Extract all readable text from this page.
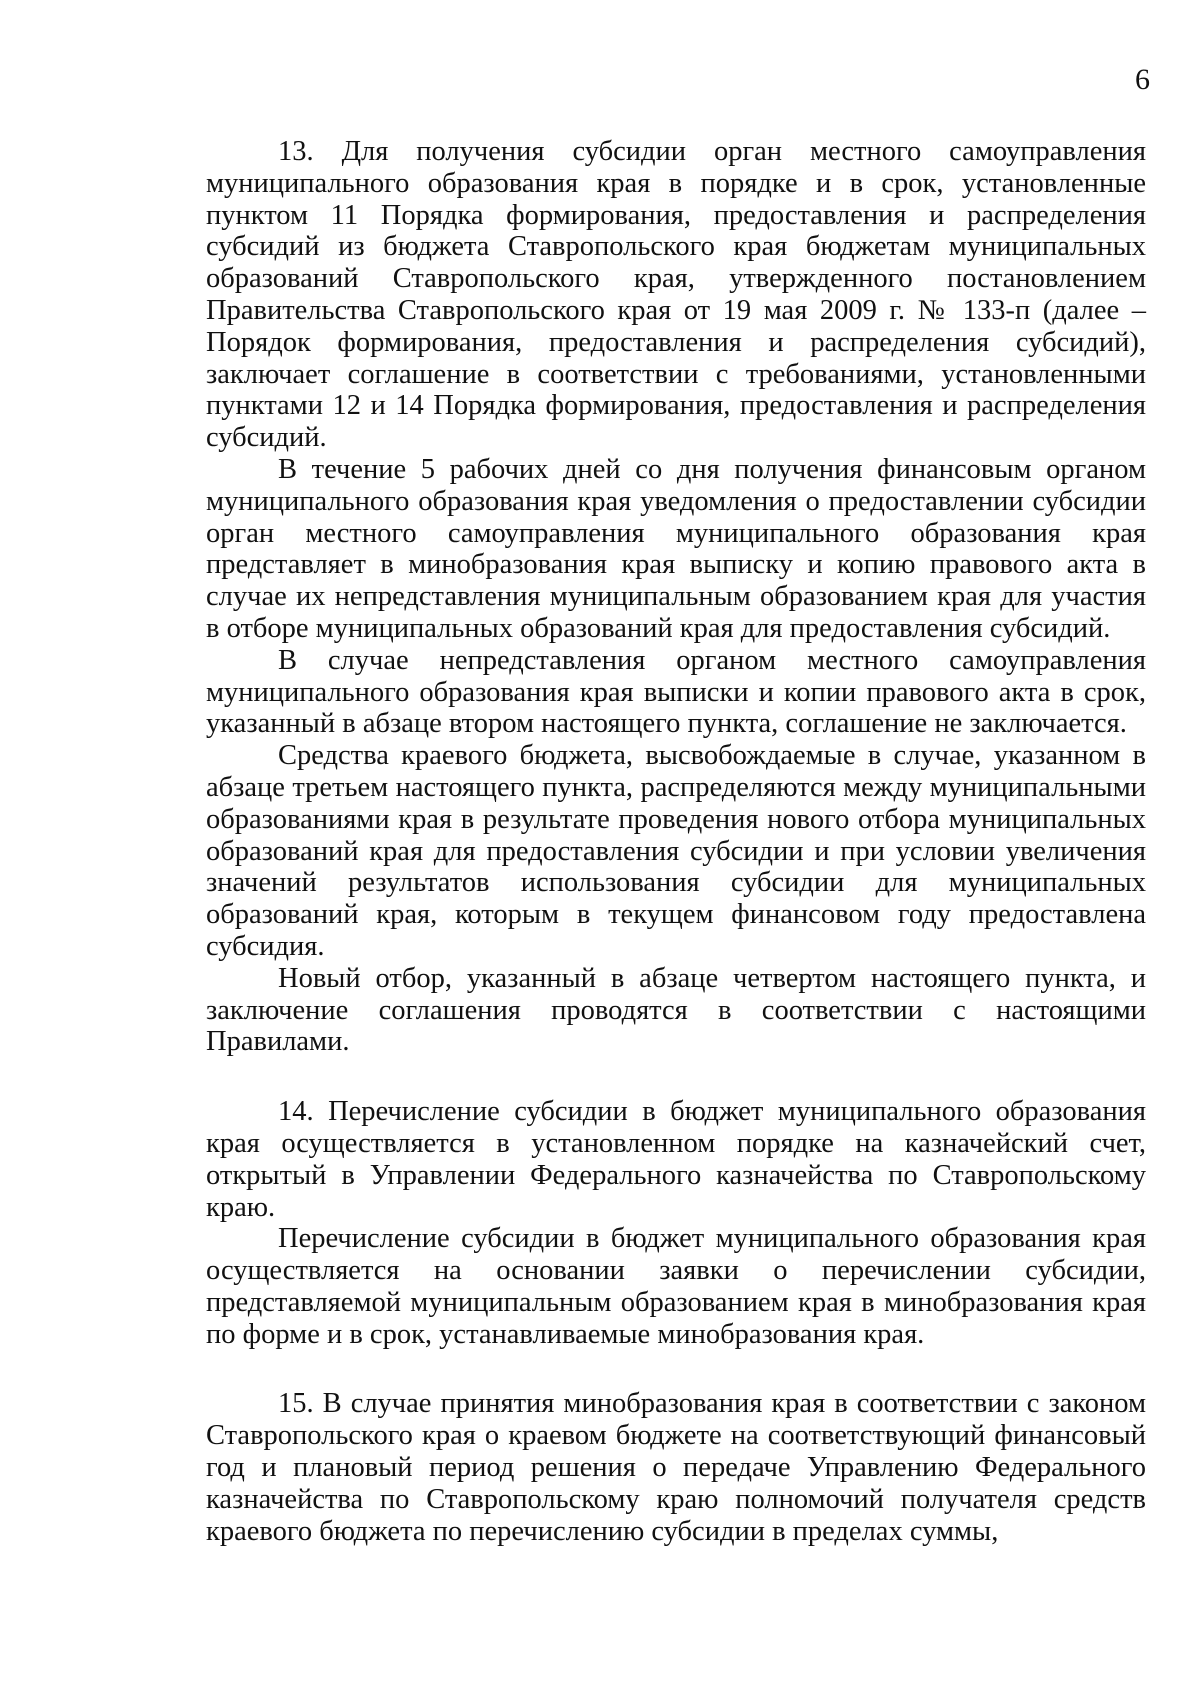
6

13. Для получения субсидии орган местного самоуправления муниципального образования края в порядке и в срок, установленные пунктом 11 Порядка формирования, предоставления и распределения субсидий из бюджета Ставропольского края бюджетам муниципальных образований Ставропольского края, утвержденного постановлением Правительства Ставропольского края от 19 мая 2009 г. № 133-п (далее – Порядок формирования, предоставления и распределения субсидий), заключает соглашение в соответствии с требованиями, установленными пунктами 12 и 14 Порядка формирования, предоставления и распределения субсидий.

В течение 5 рабочих дней со дня получения финансовым органом муниципального образования края уведомления о предоставлении субсидии орган местного самоуправления муниципального образования края представляет в минобразования края выписку и копию правового акта в случае их непредставления муниципальным образованием края для участия в отборе муниципальных образований края для предоставления субсидий.

В случае непредставления органом местного самоуправления муниципального образования края выписки и копии правового акта в срок, указанный в абзаце втором настоящего пункта, соглашение не заключается.

Средства краевого бюджета, высвобождаемые в случае, указанном в абзаце третьем настоящего пункта, распределяются между муниципальными образованиями края в результате проведения нового отбора муниципальных образований края для предоставления субсидии и при условии увеличения значений результатов использования субсидии для муниципальных образований края, которым в текущем финансовом году предоставлена субсидия.

Новый отбор, указанный в абзаце четвертом настоящего пункта, и заключение соглашения проводятся в соответствии с настоящими Правилами.

14. Перечисление субсидии в бюджет муниципального образования края осуществляется в установленном порядке на казначейский счет, открытый в Управлении Федерального казначейства по Ставропольскому краю.

Перечисление субсидии в бюджет муниципального образования края осуществляется на основании заявки о перечислении субсидии, представляемой муниципальным образованием края в минобразования края по форме и в срок, устанавливаемые минобразования края.

15. В случае принятия минобразования края в соответствии с законом Ставропольского края о краевом бюджете на соответствующий финансовый год и плановый период решения о передаче Управлению Федерального казначейства по Ставропольскому краю полномочий получателя средств краевого бюджета по перечислению субсидии в пределах суммы,
